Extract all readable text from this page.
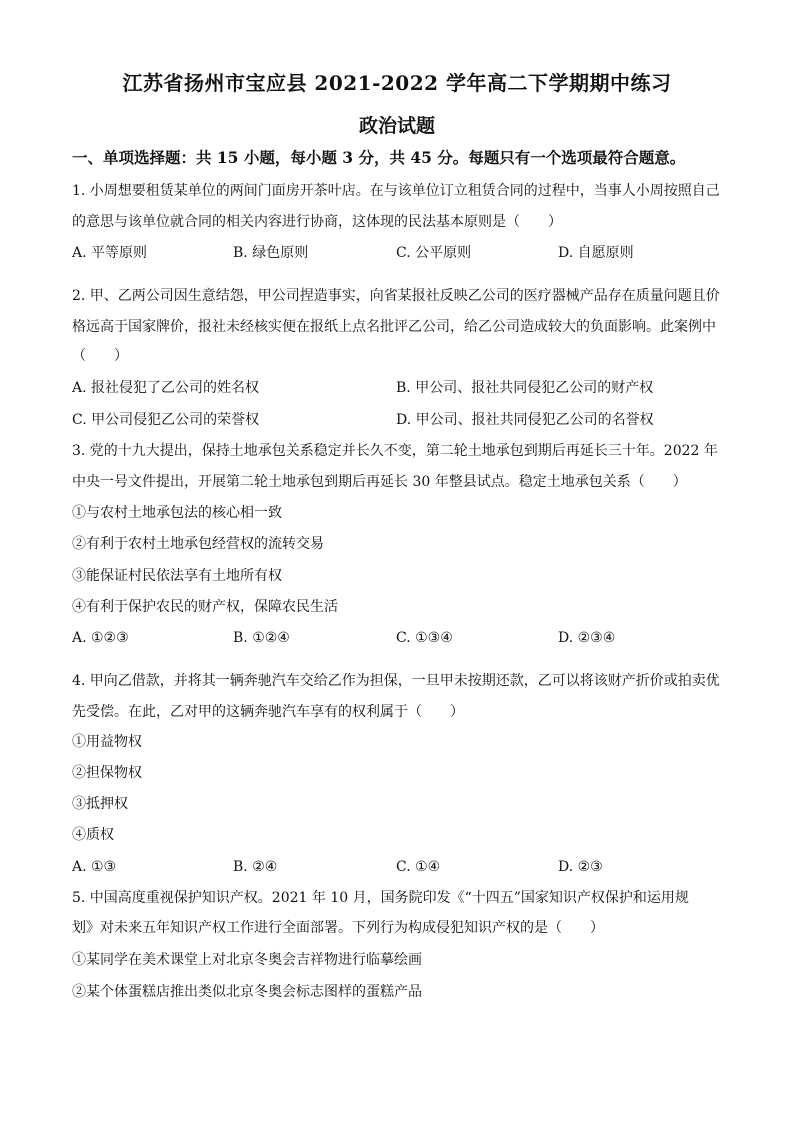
江苏省扬州市宝应县 2021-2022 学年高二下学期期中练习
政治试题
一、单项选择题：共 15 小题，每小题 3 分，共 45 分。每题只有一个选项最符合题意。
1. 小周想要租赁某单位的两间门面房开茶叶店。在与该单位订立租赁合同的过程中，当事人小周按照自己
的意思与该单位就合同的相关内容进行协商，这体现的民法基本原则是（　　）
A. 平等原则	B. 绿色原则	C. 公平原则	D. 自愿原则
2. 甲、乙两公司因生意结怨，甲公司捏造事实，向省某报社反映乙公司的医疗器械产品存在质量问题且价
格远高于国家牌价，报社未经核实便在报纸上点名批评乙公司，给乙公司造成较大的负面影响。此案例中
（　　）
A. 报社侵犯了乙公司的姓名权	B. 甲公司、报社共同侵犯乙公司的财产权
C. 甲公司侵犯乙公司的荣誉权	D. 甲公司、报社共同侵犯乙公司的名誉权
3. 党的十九大提出，保持土地承包关系稳定并长久不变，第二轮土地承包到期后再延长三十年。2022 年
中央一号文件提出，开展第二轮土地承包到期后再延长 30 年整县试点。稳定土地承包关系（　　）
①与农村土地承包法的核心相一致
②有利于农村土地承包经营权的流转交易
③能保证村民依法享有土地所有权
④有利于保护农民的财产权，保障农民生活
A. ①②③	B. ①②④	C. ①③④	D. ②③④
4. 甲向乙借款，并将其一辆奔驰汽车交给乙作为担保，一旦甲未按期还款，乙可以将该财产折价或拍卖优
先受偿。在此，乙对甲的这辆奔驰汽车享有的权利属于（　　）
①用益物权
②担保物权
③抵押权
④质权
A. ①③	B. ②④	C. ①④	D. ②③
5. 中国高度重视保护知识产权。2021 年 10 月，国务院印发《“十四五”国家知识产权保护和运用规
划》对未来五年知识产权工作进行全面部署。下列行为构成侵犯知识产权的是（　　）
①某同学在美术课堂上对北京冬奥会吉祥物进行临摹绘画
②某个体蛋糕店推出类似北京冬奥会标志图样的蛋糕产品
